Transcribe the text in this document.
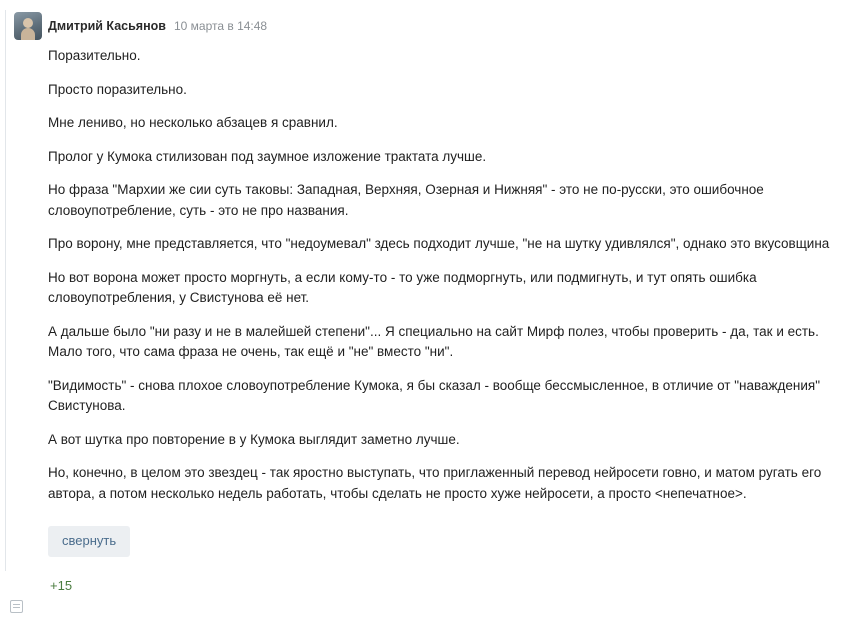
Дмитрий Касьянов 10 марта в 14:48

Поразительно.

Просто поразительно.

Мне лениво, но несколько абзацев я сравнил.

Пролог у Кумока стилизован под заумное изложение трактата лучше.

Но фраза "Мархии же сии суть таковы: Западная, Верхняя, Озерная и Нижняя" - это не по-русски, это ошибочное словоупотребление, суть - это не про названия.

Про ворону, мне представляется, что "недоумевал" здесь подходит лучше, "не на шутку удивлялся", однако это вкусовщина

Но вот ворона может просто моргнуть, а если кому-то - то уже подморгнуть, или подмигнуть, и тут опять ошибка словоупотребления, у Свистунова её нет.

А дальше было "ни разу и не в малейшей степени"... Я специально на сайт Мирф полез, чтобы проверить - да, так и есть. Мало того, что сама фраза не очень, так ещё и "не" вместо "ни".

"Видимость" - снова плохое словоупотребление Кумока, я бы сказал - вообще бессмысленное, в отличие от "наваждения" Свистунова.

А вот шутка про повторение в у Кумока выглядит заметно лучше.

Но, конечно, в целом это звездец - так яростно выступать, что приглаженный перевод нейросети говно, и матом ругать его автора, а потом несколько недель работать, чтобы сделать не просто хуже нейросети, а просто <непечатное>.

свернуть
+15
